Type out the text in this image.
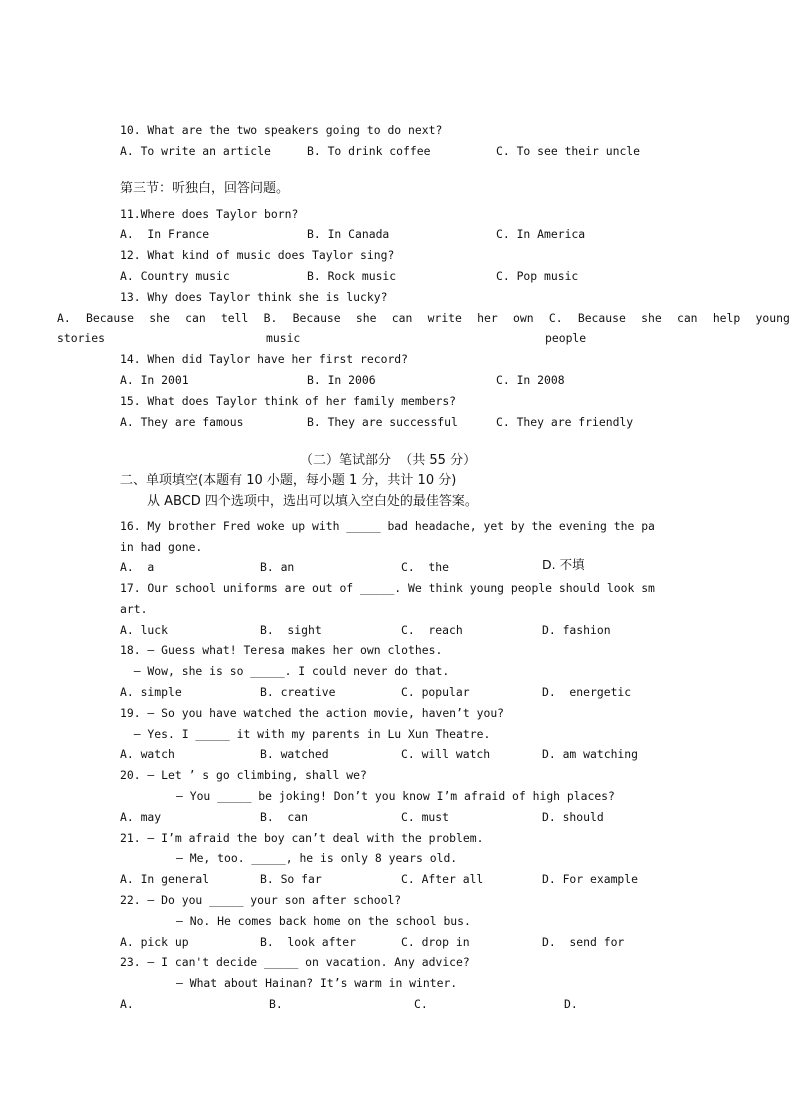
10. What are the two speakers going to do next?
A. To write an article	B. To drink coffee	C. To see their uncle
第三节：听独白，回答问题。
11.Where does Taylor born?
A.  In France	B. In Canada	C. In America
12. What kind of music does Taylor sing?
A. Country music	B. Rock music	C. Pop music
13. Why does Taylor think she is lucky?
A. Because she can tell B. Because she can write her own C. Because she can help young
stories	music	people
14. When did Taylor have her first record?
A. In 2001	B. In 2006	C. In 2008
15. What does Taylor think of her family members?
A. They are famous	B. They are successful	C. They are friendly
（二）笔试部分  （共 55 分）
二、单项填空(本题有 10 小题，每小题 1 分，共计 10 分)
从 ABCD 四个选项中，选出可以填入空白处的最佳答案。
16. My brother Fred woke up with _____ bad headache, yet by the evening the pa
in had gone.
A.  a	B. an	C.  the	D. 不填
17. Our school uniforms are out of _____. We think young people should look sm
art.
A. luck	B.  sight	C.  reach	D. fashion
18. — Guess what! Teresa makes her own clothes.
— Wow, she is so _____. I could never do that.
A. simple	B. creative	C. popular	D.  energetic
19. — So you have watched the action movie, haven’t you?
— Yes. I _____ it with my parents in Lu Xun Theatre.
A. watch	B. watched	C. will watch	D. am watching
20. — Let ’ s go climbing, shall we?
— You _____ be joking! Don’t you know I’m afraid of high places?
A. may	B.  can	C. must	D. should
21. — I’m afraid the boy can’t deal with the problem.
— Me, too. _____, he is only 8 years old.
A. In general	B. So far	C. After all	D. For example
22. — Do you _____ your son after school?
— No. He comes back home on the school bus.
A. pick up	B.  look after	C. drop in	D.  send for
23. — I can't decide _____ on vacation. Any advice?
— What about Hainan? It’s warm in winter.
A.	B.	C.	D.
